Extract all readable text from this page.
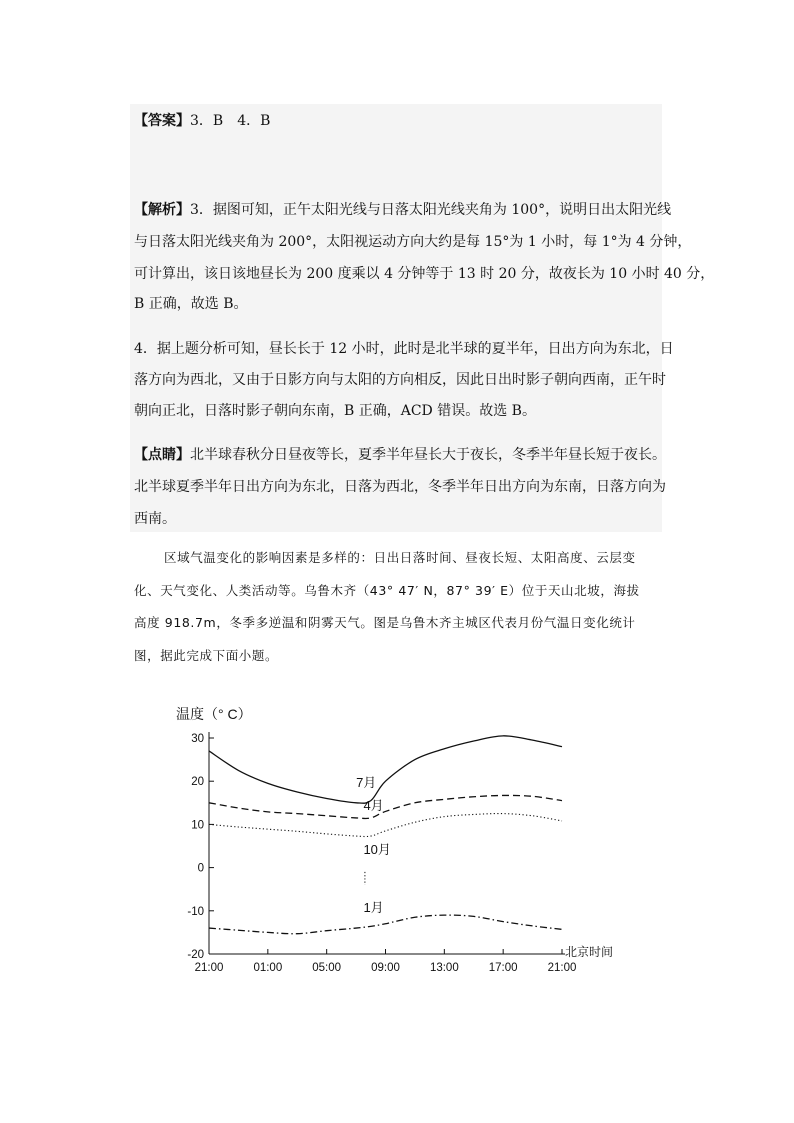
【答案】3．B　4．B
【解析】3．据图可知，正午太阳光线与日落太阳光线夹角为 100°，说明日出太阳光线
与日落太阳光线夹角为 200°，太阳视运动方向大约是每 15°为 1 小时，每 1°为 4 分钟，
可计算出，该日该地昼长为 200 度乘以 4 分钟等于 13 时 20 分，故夜长为 10 小时 40 分，
B 正确，故选 B。
4．据上题分析可知，昼长长于 12 小时，此时是北半球的夏半年，日出方向为东北，日
落方向为西北，又由于日影方向与太阳的方向相反，因此日出时影子朝向西南，正午时
朝向正北，日落时影子朝向东南，B 正确，ACD 错误。故选 B。
【点睛】北半球春秋分日昼夜等长，夏季半年昼长大于夜长，冬季半年昼长短于夜长。
北半球夏季半年日出方向为东北，日落为西北，冬季半年日出方向为东南，日落方向为
西南。
区域气温变化的影响因素是多样的：日出日落时间、昼夜长短、太阳高度、云层变
化、天气变化、人类活动等。乌鲁木齐（43° 47′ N，87° 39′ E）位于天山北坡，海拔
高度 918.7m，冬季多逆温和阴雾天气。图是乌鲁木齐主城区代表月份气温日变化统计
图，据此完成下面小题。
温度（° C）
30
20
10
0
-10
-20
21:00	01:00	05:00	09:00	13:00	17:00	21:00
北京时间
7月
4月
10月
1月
